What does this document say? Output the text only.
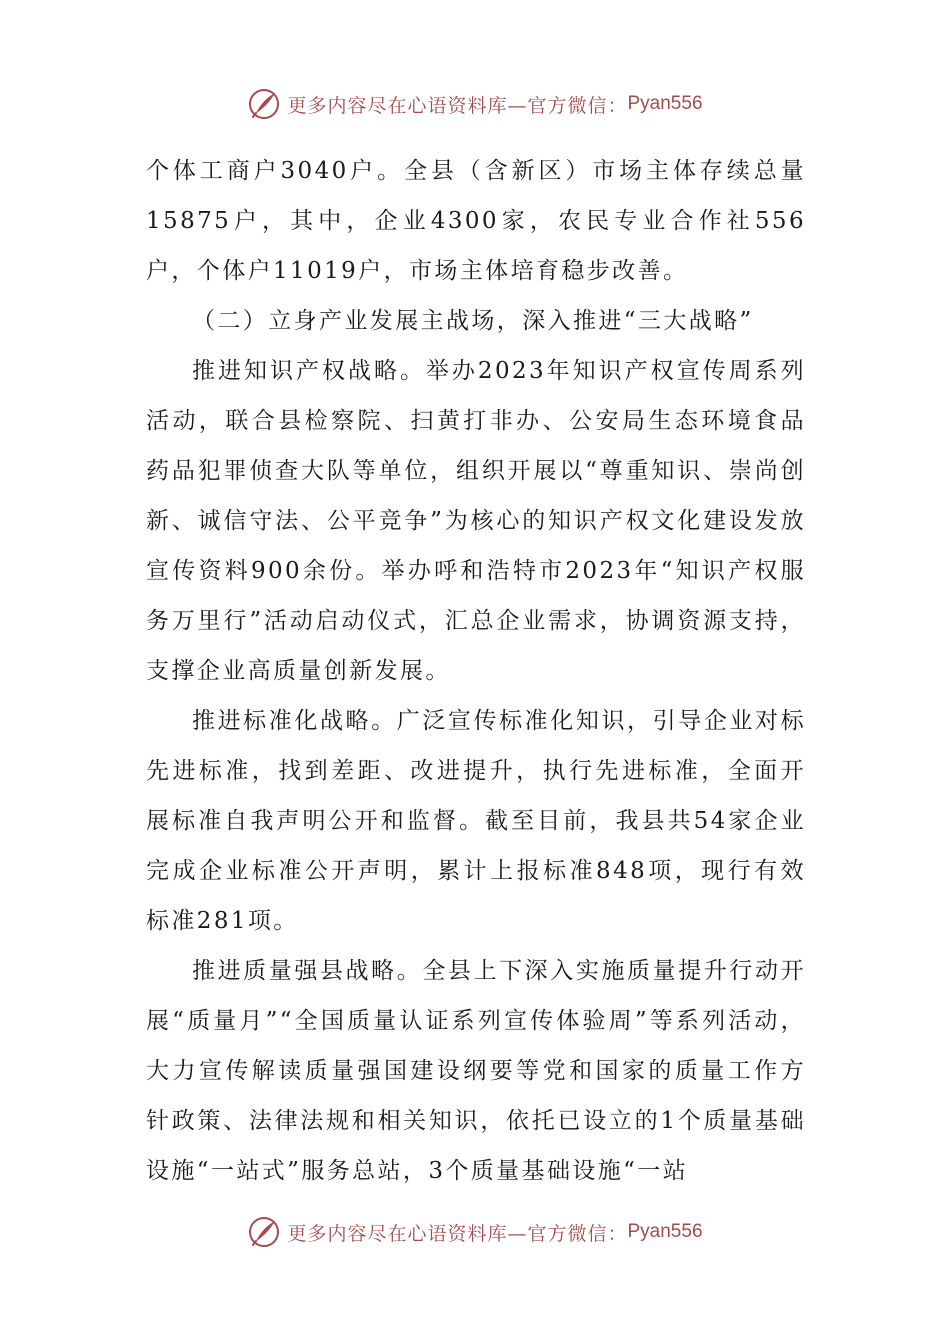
更多内容尽在心语资料库—官方微信： Pyan556

个体工商户3040户。全县（含新区）市场主体存续总量15875户，其中，企业4300家，农民专业合作社556户，个体户11019户，市场主体培育稳步改善。

（二）立身产业发展主战场，深入推进“三大战略”

推进知识产权战略。举办2023年知识产权宣传周系列活动，联合县检察院、扫黄打非办、公安局生态环境食品药品犯罪侦查大队等单位，组织开展以“尊重知识、崇尚创新、诚信守法、公平竞争”为核心的知识产权文化建设发放宣传资料900余份。举办呼和浩特市2023年“知识产权服务万里行”活动启动仪式，汇总企业需求，协调资源支持，支撑企业高质量创新发展。

推进标准化战略。广泛宣传标准化知识，引导企业对标先进标准，找到差距、改进提升，执行先进标准，全面开展标准自我声明公开和监督。截至目前，我县共54家企业完成企业标准公开声明，累计上报标准848项，现行有效标准281项。

推进质量强县战略。全县上下深入实施质量提升行动开展“质量月”“全国质量认证系列宣传体验周”等系列活动，大力宣传解读质量强国建设纲要等党和国家的质量工作方针政策、法律法规和相关知识，依托已设立的1个质量基础设施“一站式”服务总站，3个质量基础设施“一站

更多内容尽在心语资料库—官方微信： Pyan556
